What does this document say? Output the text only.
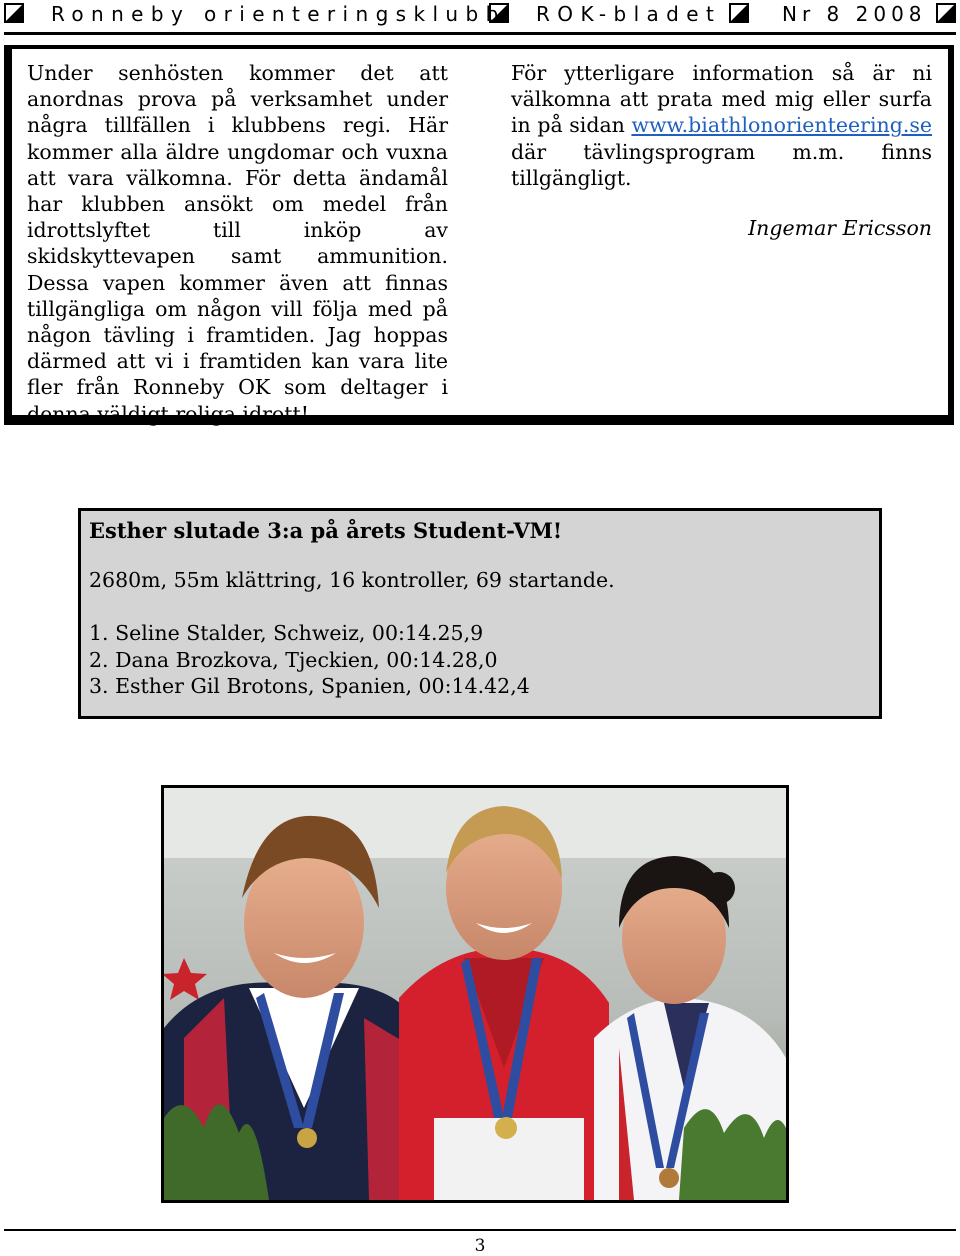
Ronneby orienteringsklubb ROK-bladet	Nr 8 2008

Under senhösten kommer det att anordnas prova på verksamhet under några tillfällen i klubbens regi. Här kommer alla äldre ungdomar och vuxna att vara välkomna. För detta ändamål har klubben ansökt om medel från idrottslyftet till inköp av skidskyttevapen samt ammunition. Dessa vapen kommer även att finnas tillgängliga om någon vill följa med på någon tävling i framtiden. Jag hoppas därmed att vi i framtiden kan vara lite fler från Ronneby OK som deltager i denna väldigt roliga idrott!

För ytterligare information så är ni välkomna att prata med mig eller surfa in på sidan www.biathlonorienteering.se där tävlingsprogram m.m. finns tillgängligt.

Ingemar Ericsson

Esther slutade 3:a på årets Student-VM!

2680m, 55m klättring, 16 kontroller, 69 startande.

1. Seline Stalder, Schweiz, 00:14.25,9

2. Dana Brozkova, Tjeckien, 00:14.28,0

3. Esther Gil Brotons, Spanien, 00:14.42,4

3
